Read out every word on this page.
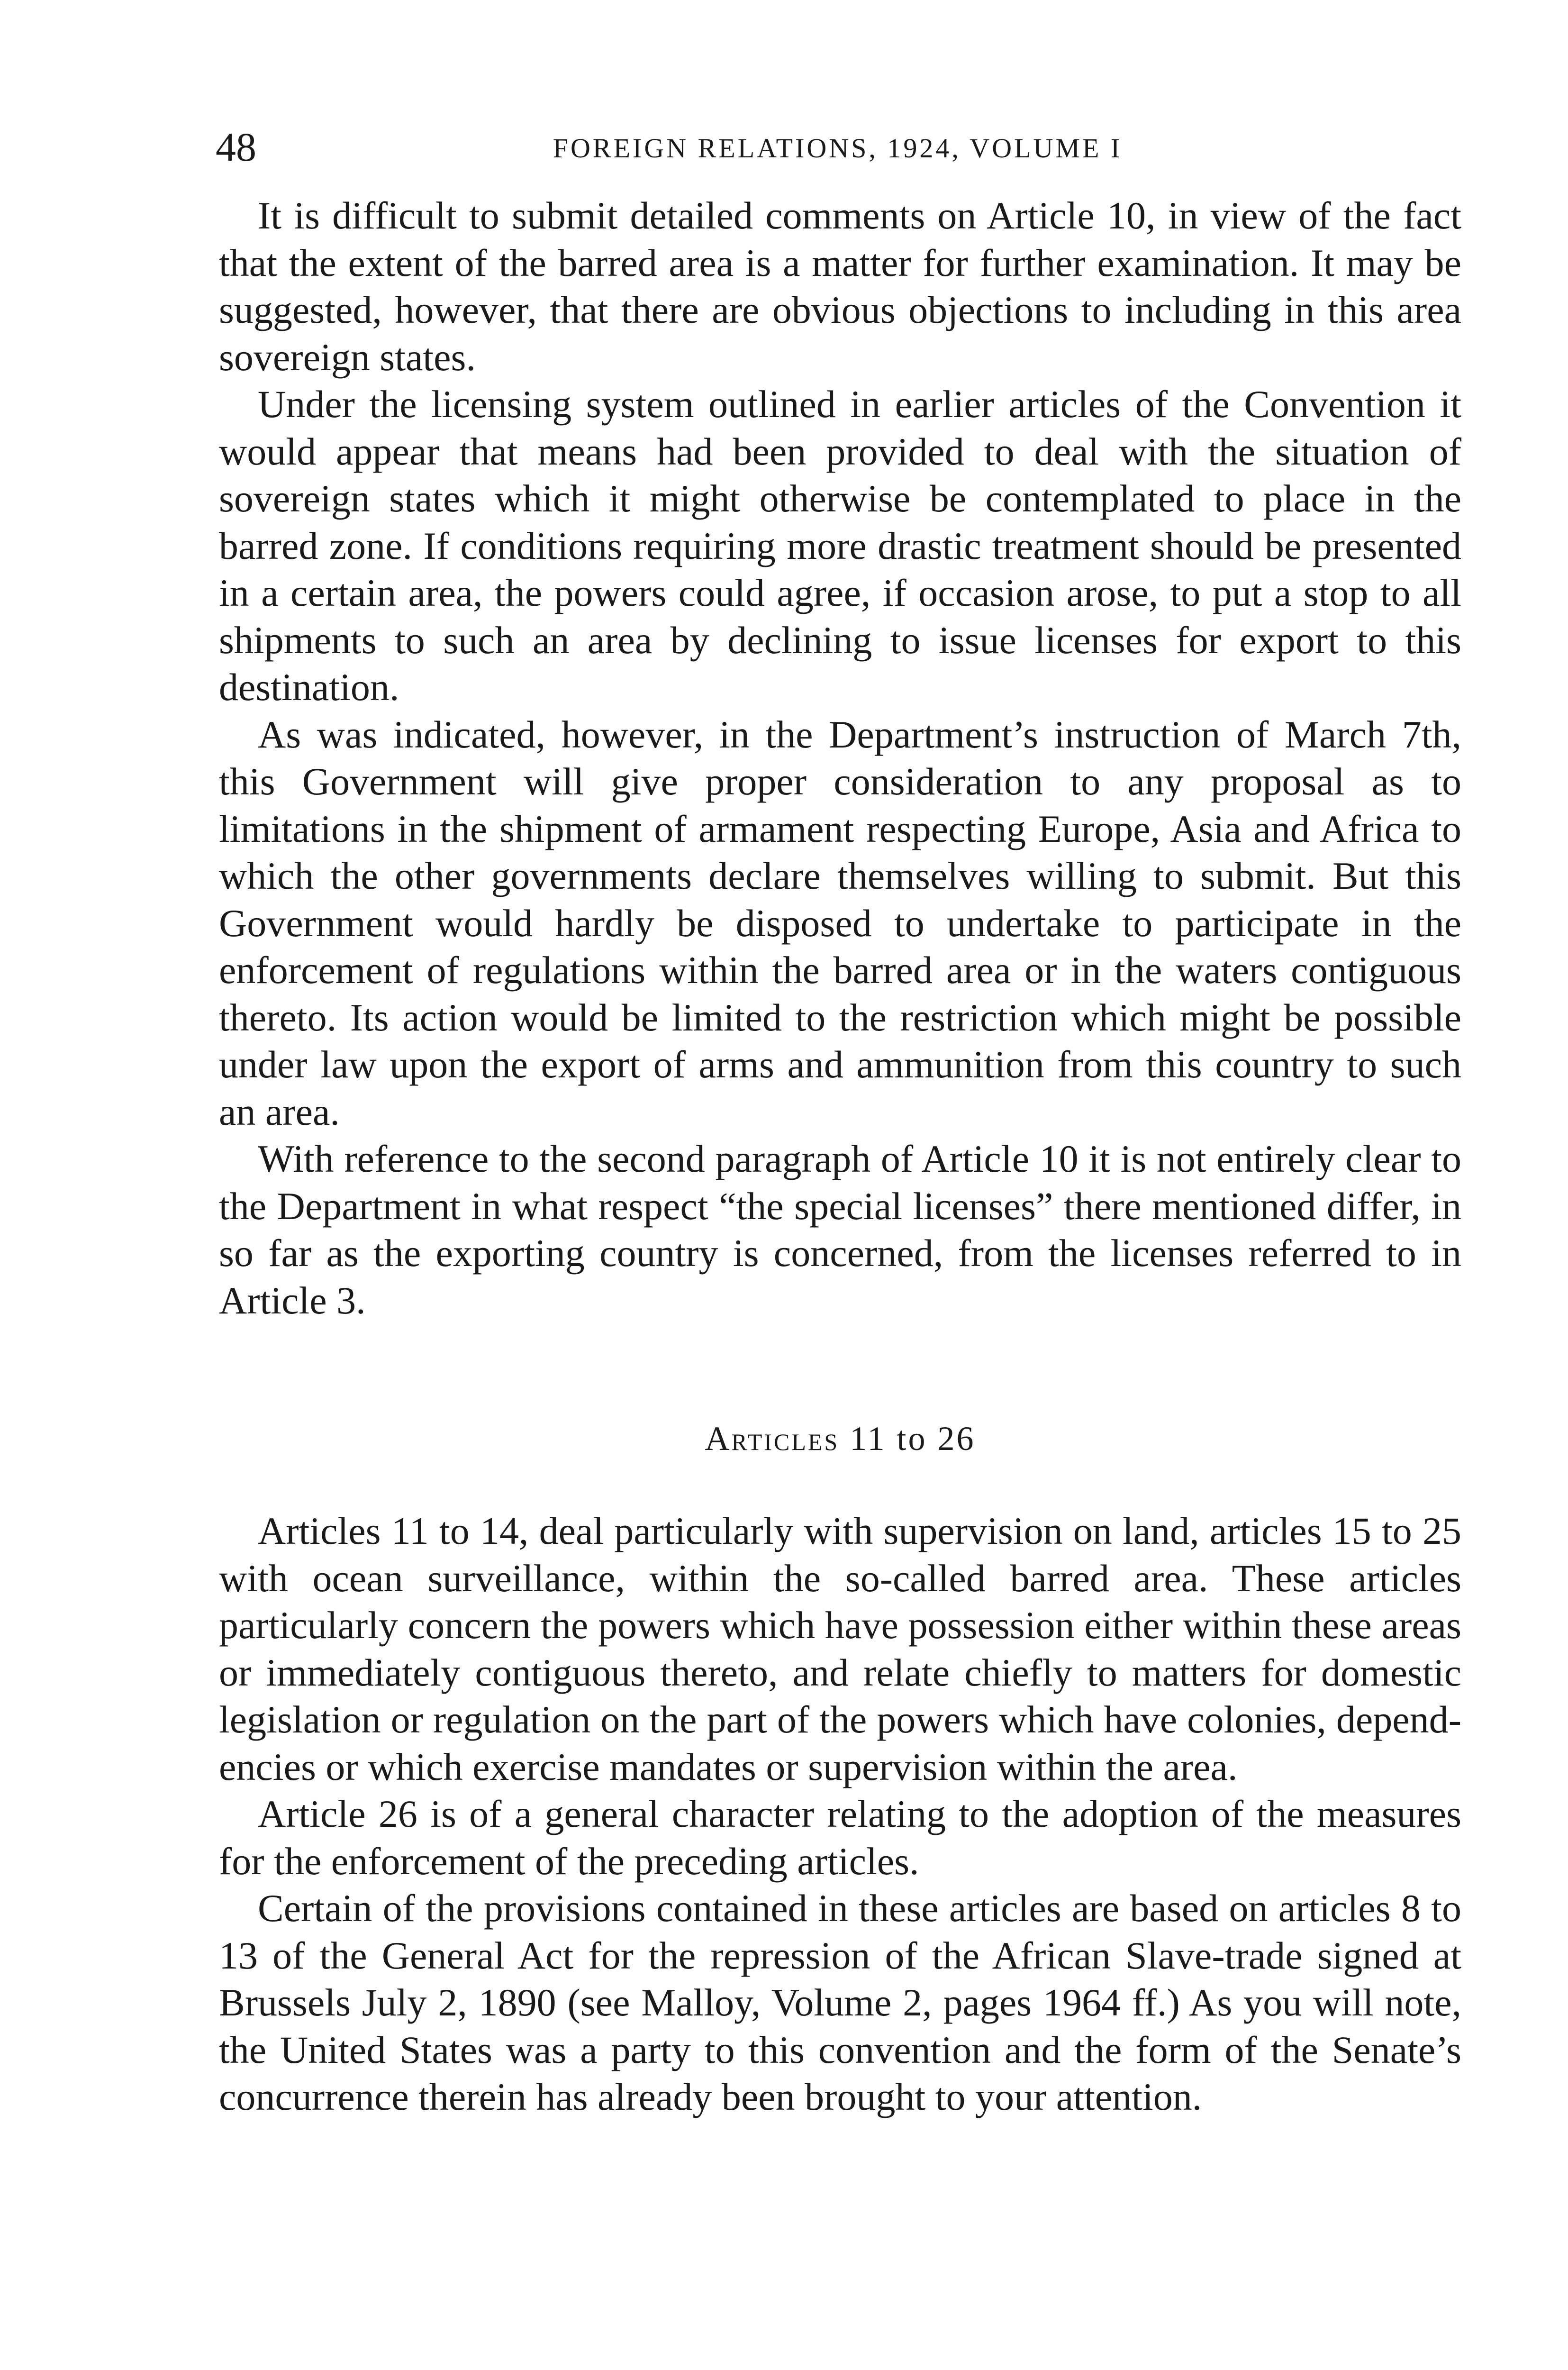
48	FOREIGN RELATIONS, 1924, VOLUME I

It is difficult to submit detailed comments on Article 10, in view of the fact that the extent of the barred area is a matter for further examination. It may be suggested, however, that there are obvious objections to including in this area sovereign states.

Under the licensing system outlined in earlier articles of the Convention it would appear that means had been provided to deal with the situation of sovereign states which it might otherwise be contemplated to place in the barred zone. If conditions requiring more drastic treatment should be presented in a certain area, the powers could agree, if occasion arose, to put a stop to all shipments to such an area by declining to issue licenses for export to this destination.

As was indicated, however, in the Department’s instruction of March 7th, this Government will give proper consideration to any proposal as to limitations in the shipment of armament respecting Europe, Asia and Africa to which the other governments declare themselves willing to submit. But this Government would hardly be disposed to undertake to participate in the enforcement of regulations within the barred area or in the waters contiguous thereto. Its action would be limited to the restriction which might be possible under law upon the export of arms and ammunition from this country to such an area.

With reference to the second paragraph of Article 10 it is not entirely clear to the Department in what respect “the special licenses” there mentioned differ, in so far as the exporting country is concerned, from the licenses referred to in Article 3.

Articles 11 to 26

Articles 11 to 14, deal particularly with supervision on land, articles 15 to 25 with ocean surveillance, within the so-called barred area. These articles particularly concern the powers which have possession either within these areas or immediately contiguous thereto, and relate chiefly to matters for domestic legislation or regulation on the part of the powers which have colonies, dependencies or which exercise mandates or supervision within the area.

Article 26 is of a general character relating to the adoption of the measures for the enforcement of the preceding articles.

Certain of the provisions contained in these articles are based on articles 8 to 13 of the General Act for the repression of the African Slave-trade signed at Brussels July 2, 1890 (see Malloy, Volume 2, pages 1964 ff.) As you will note, the United States was a party to this convention and the form of the Senate’s concurrence therein has already been brought to your attention.
